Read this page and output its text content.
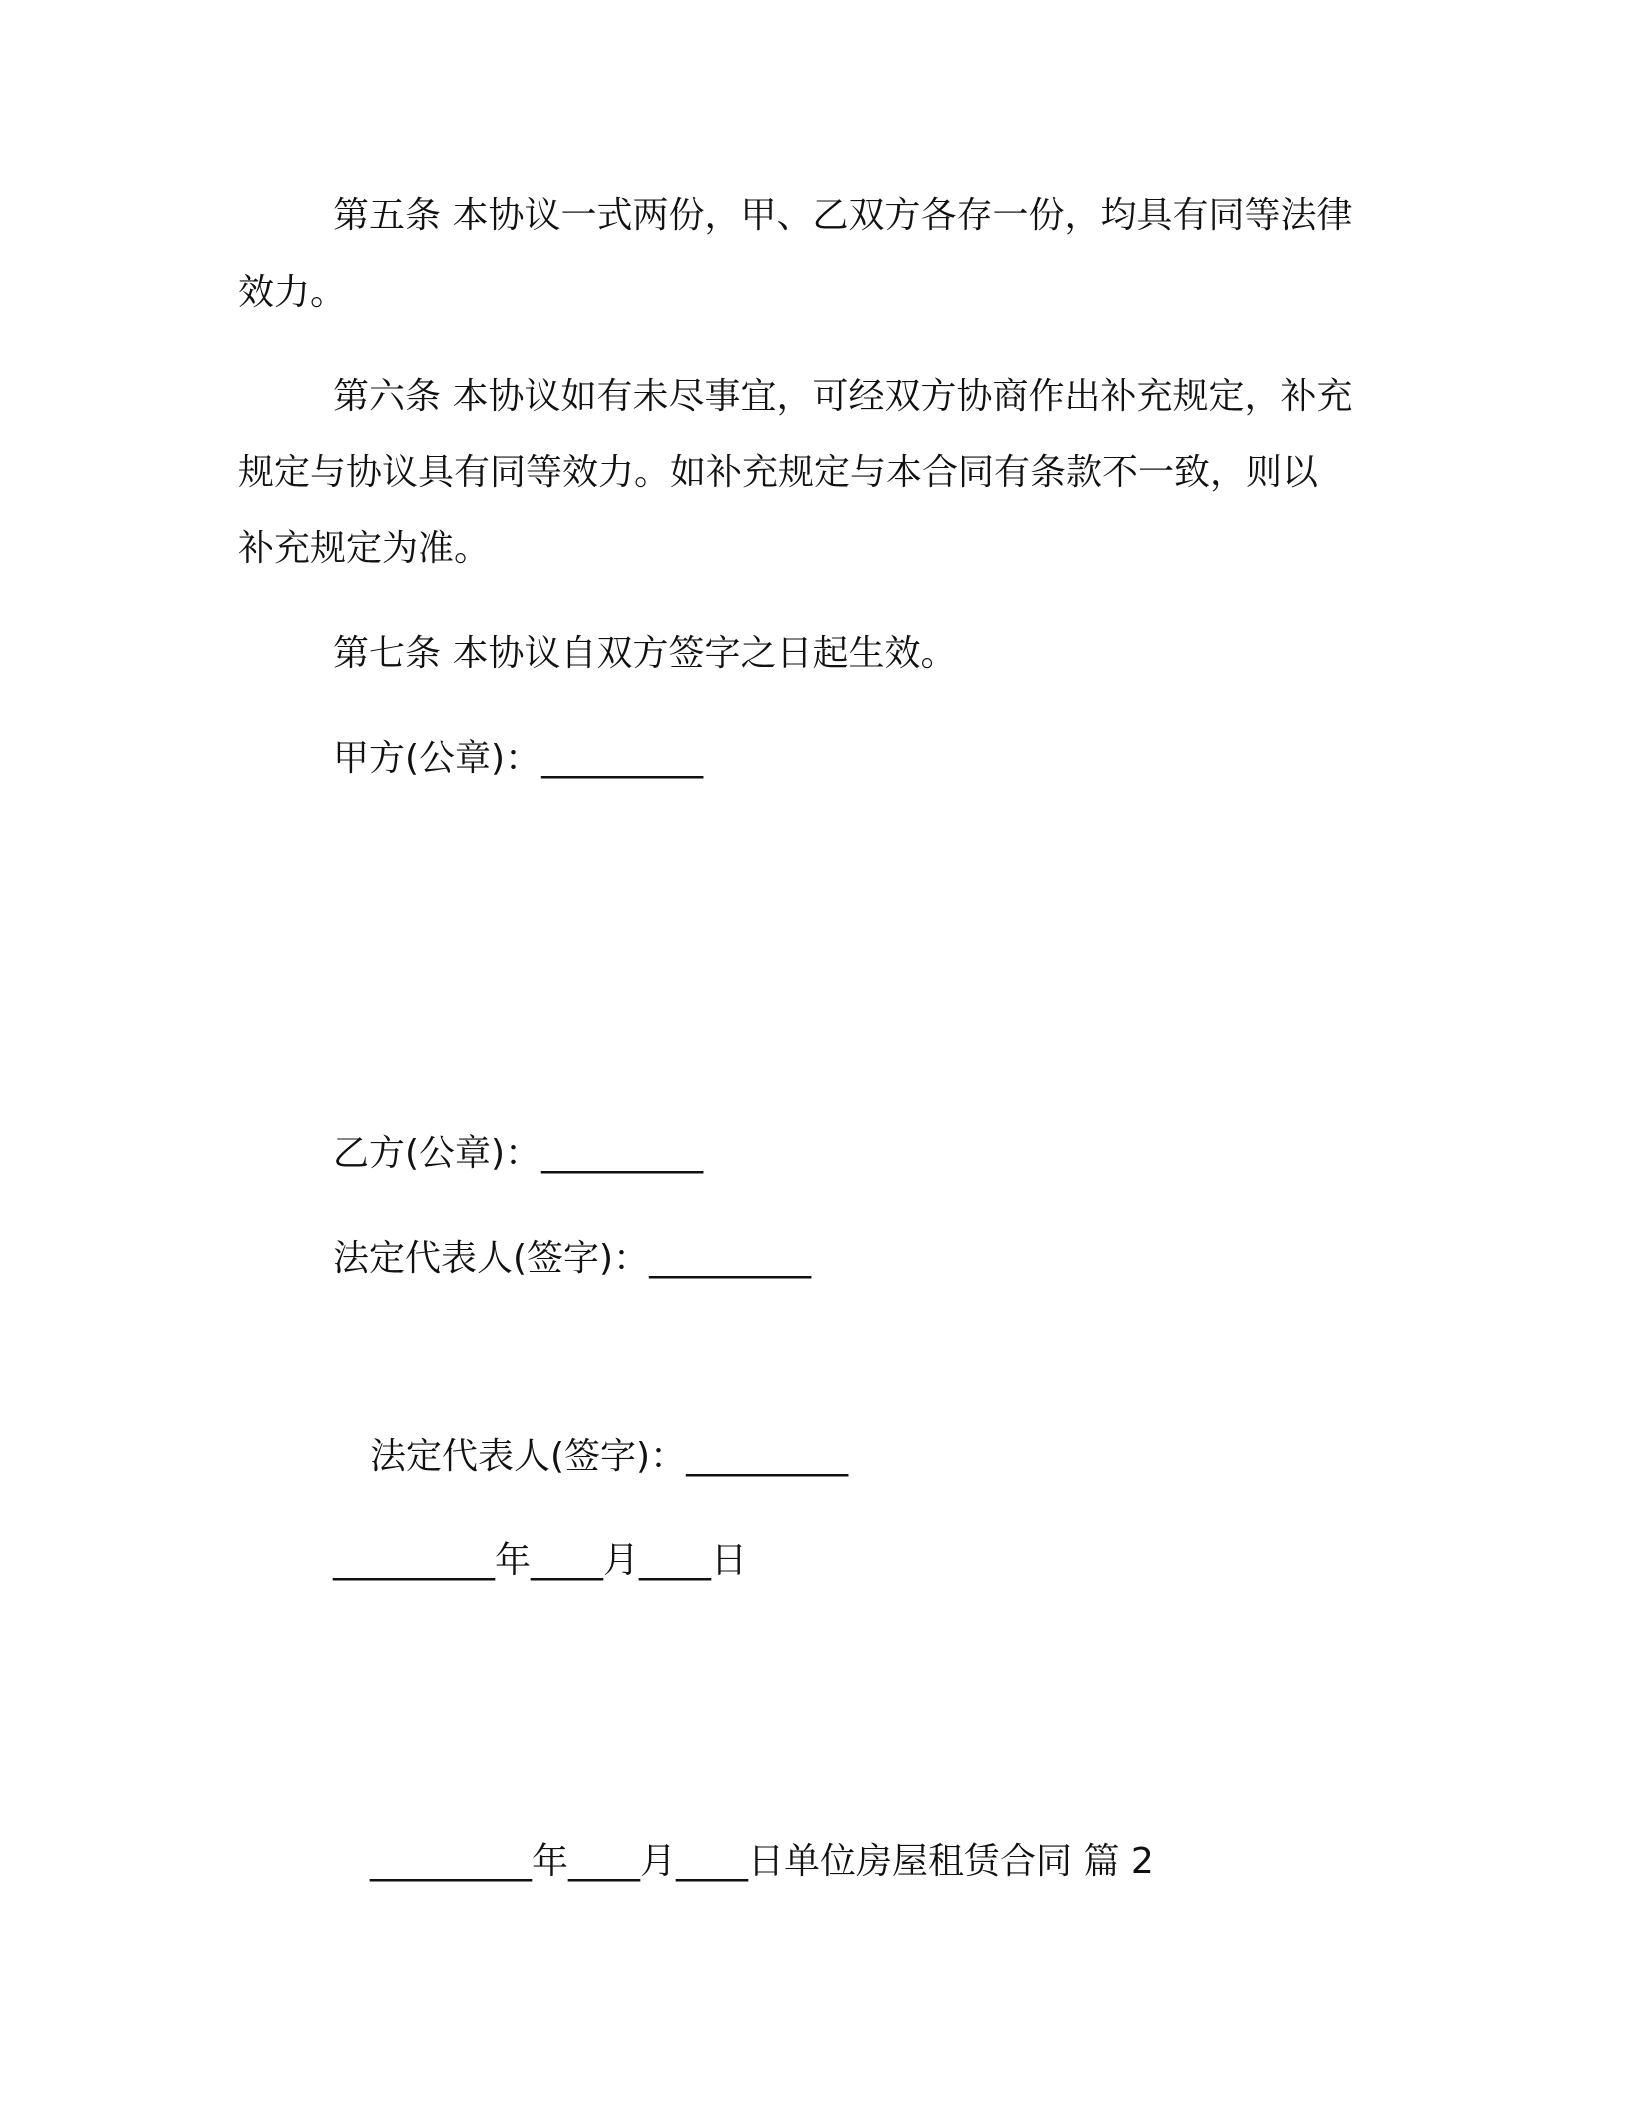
第五条 本协议一式两份，甲、乙双方各存一份，均具有同等法律
效力。
第六条 本协议如有未尽事宜，可经双方协商作出补充规定，补充
规定与协议具有同等效力。如补充规定与本合同有条款不一致，则以
补充规定为准。
第七条 本协议自双方签字之日起生效。
甲方(公章)：_________
乙方(公章)：_________
法定代表人(签字)：_________
法定代表人(签字)：_________
_________年____月____日
_________年____月____日单位房屋租赁合同 篇 2
